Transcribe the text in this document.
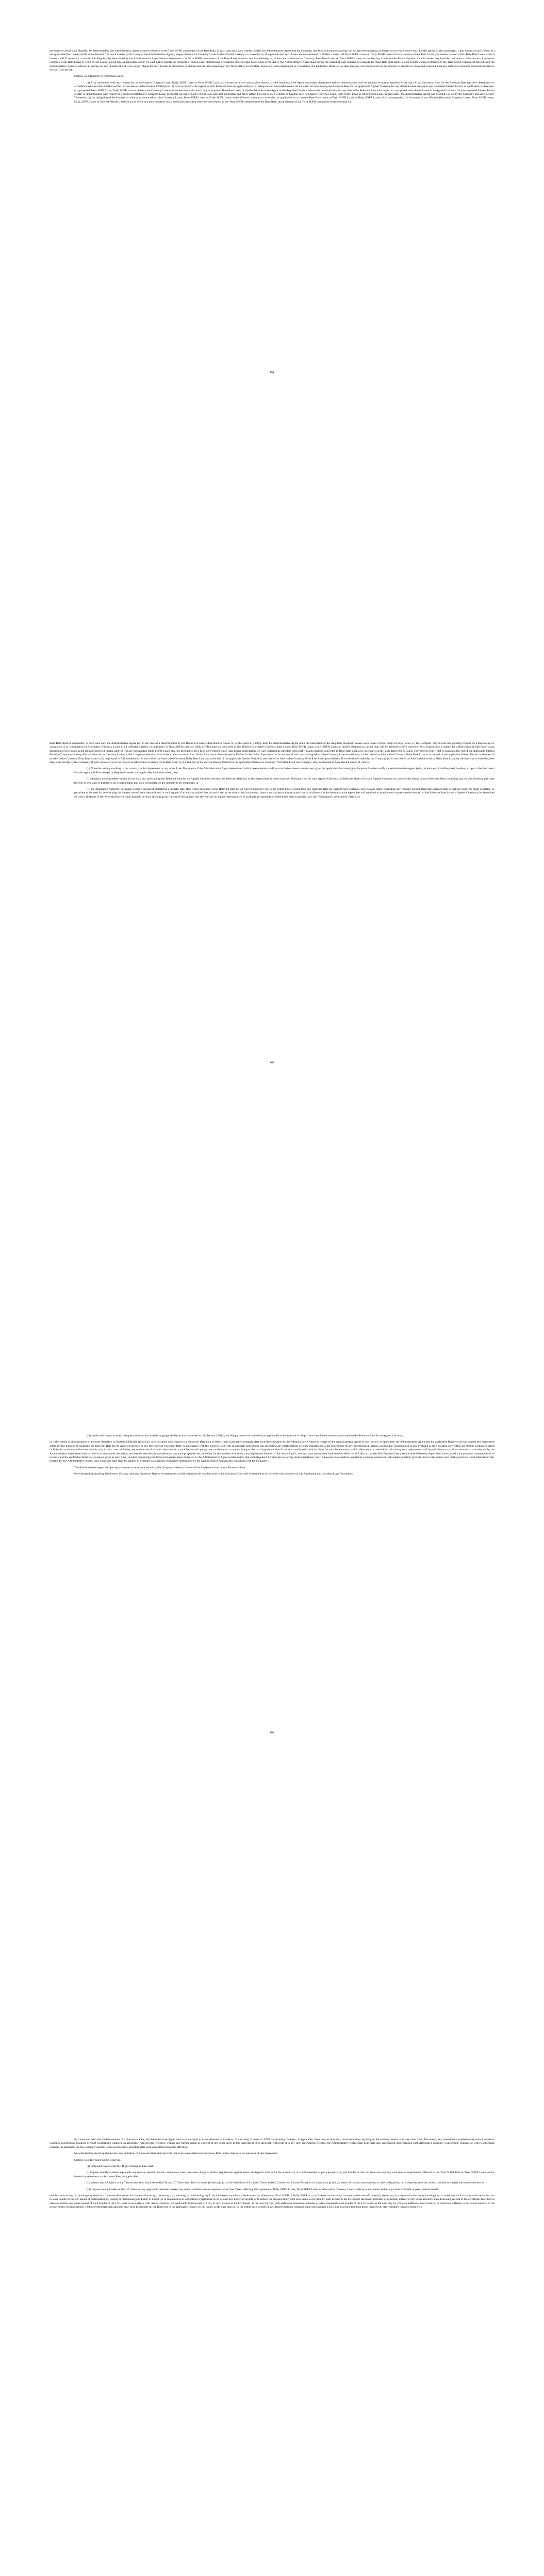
necessary to avoid such illegality, be determined by the Administrative Agent without reference to the Term SOFR component of the Base Rate, in each case until such Lender notifies the Administrative Agent and the Company that the circumstances giving rise to such determination no longer exist (which notice such Lender agrees to give promptly). Upon receipt of such notice, (x) the applicable Borrower(s) shall, upon demand from such Lender (with a copy to the Administrative Agent), prepay Alternative Currency Loans in the affected currency or currencies or, if applicable and such Loans are denominated in Dollars, convert all Term SOFR Loans or Daily SOFR Loans of such Lender to Base Rate Loans (the interest rate on which Base Rate Loans of such Lender shall, if necessary to avoid such illegality, be determined by the Administrative Agent without reference to the Term SOFR component of the Base Rate), in each case, immediately, or, in the case of Alternative Currency Term Rate Loans or Term SOFR Loans, on the last day of the Interest Period therefor, if such Lender may lawfully continue to maintain such Alternative Currency Term Rate Loans or Term SOFR Loans to such day, as applicable and (y) if such notice asserts the illegality of such Lender determining or charging interest rates based upon Term SOFR, the Administrative Agent shall during the period of such suspension compute the Base Rate applicable to such Lender without reference to the Term SOFR component thereof until the Administrative Agent is advised in writing by such Lender that it is no longer illegal for such Lender to determine or charge interest rates based upon the Term SOFR Screen Rate. Upon any such prepayment or conversion, the applicable Borrower(s) shall also pay accrued interest on the amount so prepaid or converted, together with any additional amounts required pursuant to Section 3.05 hereof.

Section 3.03. Inability to Determine Rates.

(a) If in connection with any request for an Alternative Currency Loan, Daily SOFR Loan or Term SOFR Loan or a conversion to or continuation thereof, (i) the Administrative Agent reasonably determines (which determination shall be conclusive absent manifest error) that (A) no Successor Rate for the Relevant Rate has been determined in accordance with Section 3.03(b) and the circumstances under Section 3.03(b)(i) or (ii) have occurred with respect to such Relevant Rate (as applicable) or (B) adequate and reasonable means do not exist for determining the Relevant Rate for the applicable Agreed Currency for any determination date(s) or any requested Interest Period, as applicable, with respect to a proposed Term SOFR Loan, Daily SOFR Loan or Alternative Currency Loan or in connection with an existing or proposed Base Rate Loan, or (ii) the Administrative Agent or the Required Lenders reasonably determine that for any reason the Relevant Rate with respect to a proposed Loan denominated in an Agreed Currency for any requested Interest Period or date of determination with respect to a proposed Alternative Currency Loan, Term SOFR Loan or Daily SOFR Loan does not adequately and fairly reflect the cost to such Lenders of funding such Alternative Currency Loan, Term SOFR Loan or Daily SOFR Loan, as applicable, the Administrative Agent will promptly so notify the Company and each Lender. Thereafter, (x) the obligation of the Lenders to make or maintain Alternative Currency Loans, Term SOFR Loans or Daily SOFR Loans in the affected currency or currencies, as applicable, or to convert Base Rate Loans to Term SOFR Loans or Daily SOFR Loans, shall be suspended, (to the extent of the affected Alternative Currency Loans, Term SOFR Loans, Daily SOFR Loans or Interest Periods), and (y) in the event of a determination described in the preceding sentence with respect to the Term SOFR component of the Base Rate, the utilization of the Term SOFR component in determining the

161

Base Rate shall be suspended, in each case until the Administrative Agent (or, in the case of a determination by the Required Lenders described in clause (ii) of this Section 3.03(a), until the Administrative Agent upon the instruction of the Required Lenders) revokes such notice. Upon receipt of such notice, (i) the Company may revoke any pending request for a Borrowing of, conversion to or continuation of Alternative Currency Loans in the affected currency or currencies or Term SOFR Loans or Daily SOFR Loans (to the extent of the affected Alternative Currency Rate Loans, Term SOFR Loans, Daily SOFR Loans or Interest Periods) or, failing that, will be deemed to have converted such request into a request for a Borrowing of Base Rate Loans denominated in Dollars in the amount specified therein and (ii) (A) any outstanding Daily SOFR Loans shall be deemed to have been converted to Base Rate Loans immediately, (B) any outstanding affected Term SOFR Loans shall be converted to Base Rate Loans (or, in respect of any such Term SOFR Loans, converted to Daily SOFR Loans) at the end of the applicable Interest Period, (C) any outstanding affected Alternative Currency Loans, at the Company's election, shall either (1) be converted into a Base Rate Loans denominated in Dollars in the Dollar Equivalent of the amount of such outstanding Alternative Currency Loan immediately, in the case of an Alternative Currency Daily Rate Loan or at the end of the applicable Interest Period, in the case of an Alternative Currency Term Rate Loan or (2) be prepaid in full immediately, in the case of an Alternative Currency Daily Rate Loan, or at the end of the applicable Interest Period, in the case of an Alternative Currency Term Rate Loan; provided that if no election is made by the Company (x) in the case of an Alternative Currency Daily Rate Loan, by the date that is three Business Days after receipt by the Company of such notice or (y) in the case of an Alternative Currency Term Rate Loan, by the last day of the current Interest Period for the applicable Alternative Currency Term Rate Loan, the Company shall be deemed to have elected option (1) above.

(b) Notwithstanding anything to the contrary in this Agreement or any other Loan Documents if the Administrative Agent determines (which determination shall be conclusive absent manifest error), or the applicable Borrower(s) or Required Lenders notify the Administrative Agent (with, in the case of the Required Lenders, a copy to the Borrower) that the applicable Borrower(s) or Required Lenders (as applicable) have determined, that:

(i) adequate and reasonable means do not exist for ascertaining the Relevant Rate for an Agreed Currency because the Relevant Rate (or, to the extent there is more than one Relevant Rate for such Agreed Currency, all Relevant Rates) for such Agreed Currency (or none of the tenors of such Relevant Rate (including any forward-looking term rate thereof) is available or published on a current basis and such circumstances are unlikely to be temporary; or

(ii) the Applicable Authority has made a public statement identifying a specific date after which all tenors of the Relevant Rate for an Agreed Currency (or, to the extent there is more than one Relevant Rate for such Agreed Currency, all Relevant Rates) (including any forward-looking term rate thereof) shall or will no longer be made available, or permitted to be used for determining the interest rate of loans denominated in such Agreed Currency; provided that, in each case, at the time of such statement, there is no successor administrator that is satisfactory to the Administrative Agent that will continue to provide such representative tenor(s) of the Relevant Rate for such Agreed Currency (the latest date on which all tenors of the Relevant Rate for such Agreed Currency (including any forward-looking term rate thereof) are no longer representative or available permanently or indefinitely) (such specific date, the "Scheduled Unavailability Date"); or

162

(iii) syndicated loans currently being executed, or that include language similar to that contained in this Section 3.03(b), are being executed or amended (as applicable) to incorporate or adopt a new benchmark interest rate to replace the Relevant Rate for an Agreed Currency;

or if the events or circumstances of the type described in Section 3.03(b)(i), (ii) or (iii) have occurred with respect to a Successor Rate then in effect, then, reasonably promptly after such determination by the Administrative Agent or receipt by the Administrative Agent of such notice, as applicable, the Administrative Agent and the applicable Borrower(s) may amend this Agreement solely for the purpose of replacing the Relevant Rate for an Agreed Currency or any then current Successor Rate in accordance with this Section 3.03 with an alternate benchmark rate (including any mathematical or other adjustments to the benchmark (if any) incorporated therein), giving due consideration to any evolving or then existing convention for similar syndicated credit facilities for such alternative benchmarks and, in each case, including any mathematical or other adjustments to such benchmark giving due consideration to any evolving or then existing convention for similar syndicated credit facilities for such benchmarks, which adjustment or method for calculating such adjustment shall be published on an information service as selected by the Administrative Agent from time to time in its reasonable discretion and may be periodically updated (and any such proposed rate, including for the avoidance of doubt, any adjustment thereto, a "Successor Rate"), and any such amendment shall become effective at 5:00 p.m. on the fifth Business Day after the Administrative Agent shall have posted such proposed amendment to all Lenders and the applicable Borrower(s) unless, prior to such time, Lenders comprising the Required Lenders have delivered to the Administrative Agent written notice that such Required Lenders do not accept such amendment. Such Successor Rate shall be applied in a manner consistent with market practice; provided that to the extent such market practice is not administratively feasible for the Administrative Agent, such Successor Rate shall be applied in a manner as otherwise reasonably determined by the Administrative Agent (after consulting with the Company).

The Administrative Agent will promptly (in one or more notices) notify the Company and each Lender of the implementation of any Successor Rate.

Notwithstanding anything else herein, if at any time any Successor Rate as so determined would otherwise be less than zero%, the Successor Rate will be deemed to be zero% for the purposes of this Agreement and the other Loan Documents.

163

In connection with the implementation of a Successor Rate, the Administrative Agent will have the right to make Alternative Currency Conforming Changes or USD Conforming Changes, as applicable, from time to time and, notwithstanding anything to the contrary herein or in any other Loan Document, any amendments implementing such Alternative Currency Conforming Changes or USD Conforming Changes, as applicable, will become effective without any further action or consent of any other party to this Agreement; provided that, with respect to any such amendment effected, the Administrative Agent shall post each such amendment implementing such Alternative Currency Conforming Changes or USD Conforming Changes, as applicable, to the Company and the Lenders reasonably promptly after such amendment becomes effective.

Notwithstanding anything else herein, any definition of Successor Rate shall provide that in no event shall such Successor Rate be less than zero for purposes of this Agreement.

Section 3.04. Increased Costs; Reserves.

(a) Increased Costs Generally. If any Change in Law shall:

(i) impose, modify or deem applicable any reserve, special deposit, compulsory loan, insurance charge or similar requirement against assets of, deposits with or for the account of, or credit extended or participated in by, any Lender or the L/C Issuer (except any such reserve requirement reflected in the Term SOFR Rate or Term SOFR Loans and/or interest by reference to a Successor Rate, as applicable);

(ii) subject any Recipient to any Taxes (other than (A) Indemnified Taxes, (B) Taxes described in clauses (b) through (d) of the definition of Excluded Taxes and (C) Connection Income Taxes) on its loans, loan principal, letters of credit, commitments, or other obligations, or its deposits, reserves, other liabilities or capital attributable thereto; or

(iii) impose on any Lender or the L/C Issuer or any applicable interbank market any other condition, cost or expense (other than Taxes) affecting this Agreement, Daily SOFR Loans, Term SOFR Loans or Alternative Currency Loans made by such Lender and/or any Letter of Credit or participation therein;

and the result of any of the foregoing shall be to increase the cost to such Lender of making, converting to, continuing or maintaining any Loan the interest on which is determined by reference to Term SOFR or Daily SOFR or to an Alternative Currency Loan (or in the case of clause (ii) above, any Loans), or of maintaining its obligation to make any such Loan, or to increase the cost to such Lender or the L/C Issuer of participating in, issuing or maintaining any Letter of Credit (or of maintaining its obligation to participate in or to issue any Letter of Credit), or to reduce the amount of any sum received or receivable by such Lender or the L/C Issuer hereunder (whether of principal, interest or any other amount), then, following receipt of the certificate described in clause (c) below and upon request of such Lender or the L/C Issuer in accordance with clause (c) below, the applicable Borrower(s) will pay to such Lender or the L/C Issuer, as the case may be, such additional amount or amounts as will compensate such Lender or the L/C Issuer, as the case may be, for such additional costs incurred or reduction suffered, to the extent required to the Lender in the existing Section 3.04; provided that such amounts shall only be payable by the Borrower to the applicable Lender or L/C Issuer, as the case may be, to the extent such Lender or L/C Issuer's holding company under this Section 3.04 is not less favorable than those imposed on other similarly situated borrowers.
